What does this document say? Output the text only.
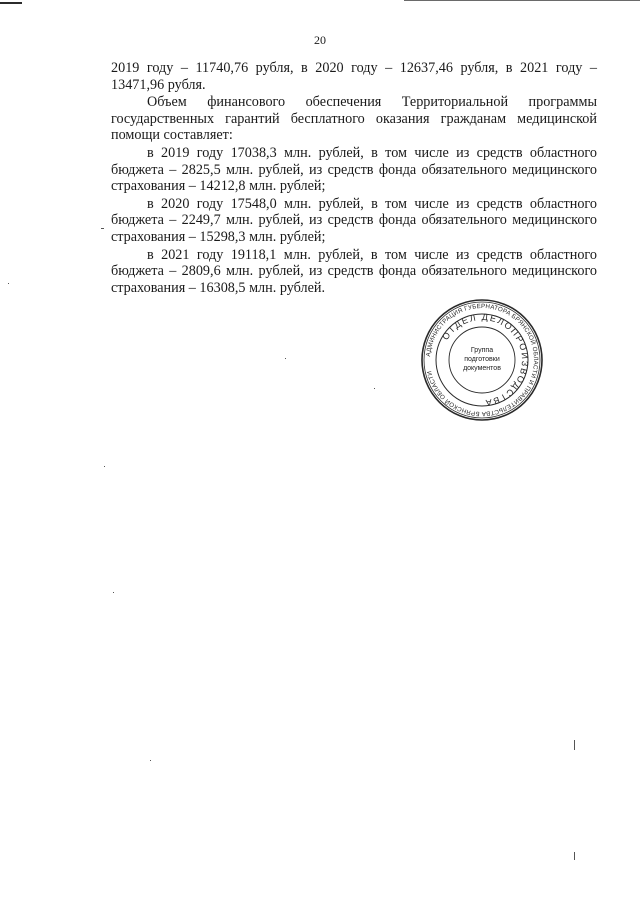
20

2019 году – 11740,76 рубля, в 2020 году – 12637,46 рубля, в 2021 году – 13471,96 рубля.

Объем финансового обеспечения Территориальной программы государственных гарантий бесплатного оказания гражданам медицинской помощи составляет:

в 2019 году 17038,3 млн. рублей, в том числе из средств областного бюджета – 2825,5 млн. рублей, из средств фонда обязательного медицинского страхования – 14212,8 млн. рублей;

в 2020 году 17548,0 млн. рублей, в том числе из средств областного бюджета – 2249,7 млн. рублей, из средств фонда обязательного медицинского страхования – 15298,3 млн. рублей;

в 2021 году 19118,1 млн. рублей, в том числе из средств областного бюджета – 2809,6 млн. рублей, из средств фонда обязательного медицинского страхования – 16308,5 млн. рублей.

АДМИНИСТРАЦИЯ ГУБЕРНАТОРА БРЯНСКОЙ ОБЛАСТИ И ПРАВИТЕЛЬСТВА БРЯНСКОЙ ОБЛАСТИ
ОТДЕЛ ДЕЛОПРОИЗВОДСТВА
Группа
подготовки
документов
